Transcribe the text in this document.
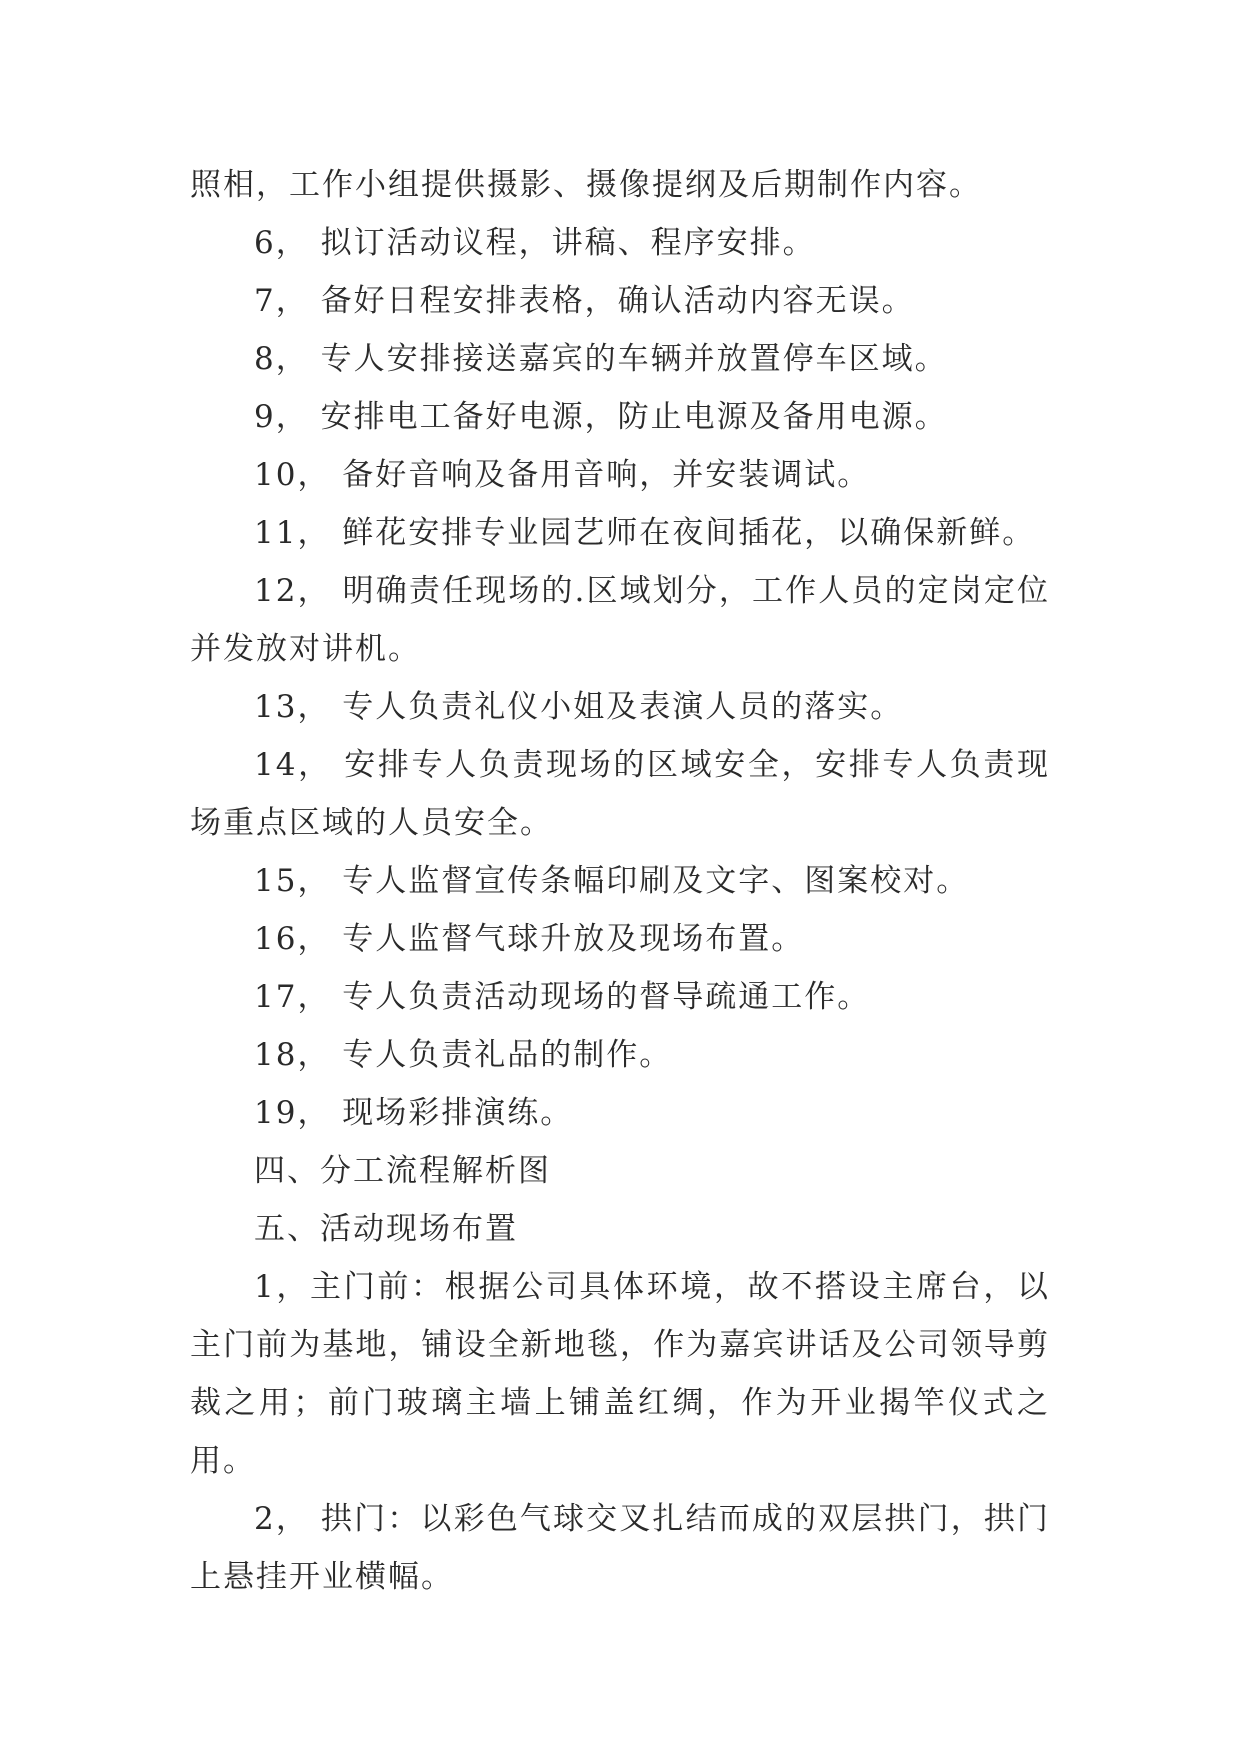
照相，工作小组提供摄影、摄像提纲及后期制作内容。

6， 拟订活动议程，讲稿、程序安排。

7， 备好日程安排表格，确认活动内容无误。

8， 专人安排接送嘉宾的车辆并放置停车区域。

9， 安排电工备好电源，防止电源及备用电源。

10， 备好音响及备用音响，并安装调试。

11， 鲜花安排专业园艺师在夜间插花，以确保新鲜。

12， 明确责任现场的.区域划分，工作人员的定岗定位并发放对讲机。

13， 专人负责礼仪小姐及表演人员的落实。

14， 安排专人负责现场的区域安全，安排专人负责现场重点区域的人员安全。

15， 专人监督宣传条幅印刷及文字、图案校对。

16， 专人监督气球升放及现场布置。

17， 专人负责活动现场的督导疏通工作。

18， 专人负责礼品的制作。

19， 现场彩排演练。

四、分工流程解析图

五、活动现场布置

1，主门前：根据公司具体环境，故不搭设主席台，以主门前为基地，铺设全新地毯，作为嘉宾讲话及公司领导剪裁之用；前门玻璃主墙上铺盖红绸，作为开业揭竿仪式之用。

2， 拱门：以彩色气球交叉扎结而成的双层拱门，拱门上悬挂开业横幅。
